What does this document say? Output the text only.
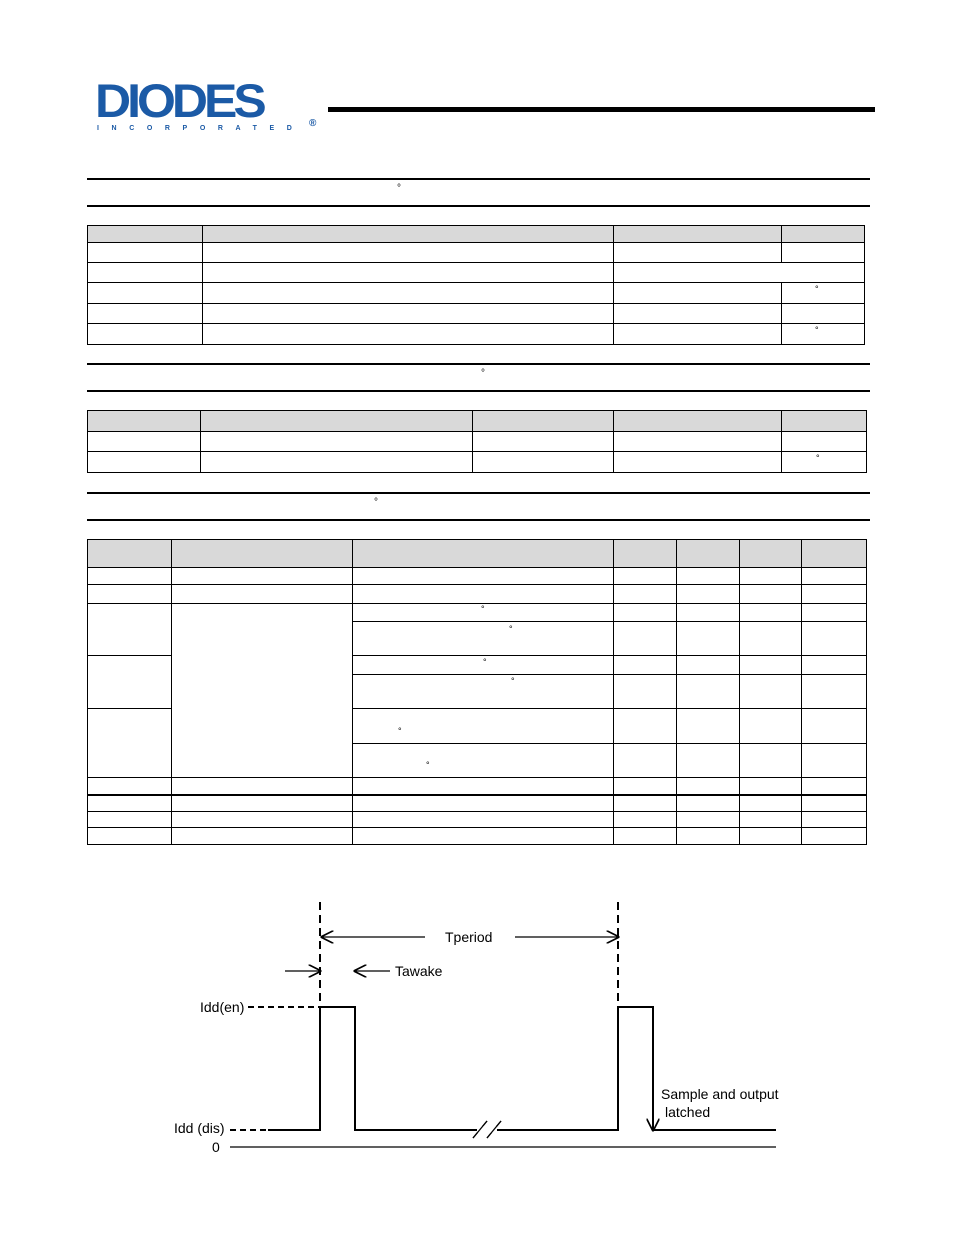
DIODES
INCORPORATED ®
°

			°

			°
°

				°
°

		°				

		°				

		°				

		°				

		°				

		°				

Tperiod
Tawake
Idd(en)
Idd (dis)
0
Sample and output
latched
